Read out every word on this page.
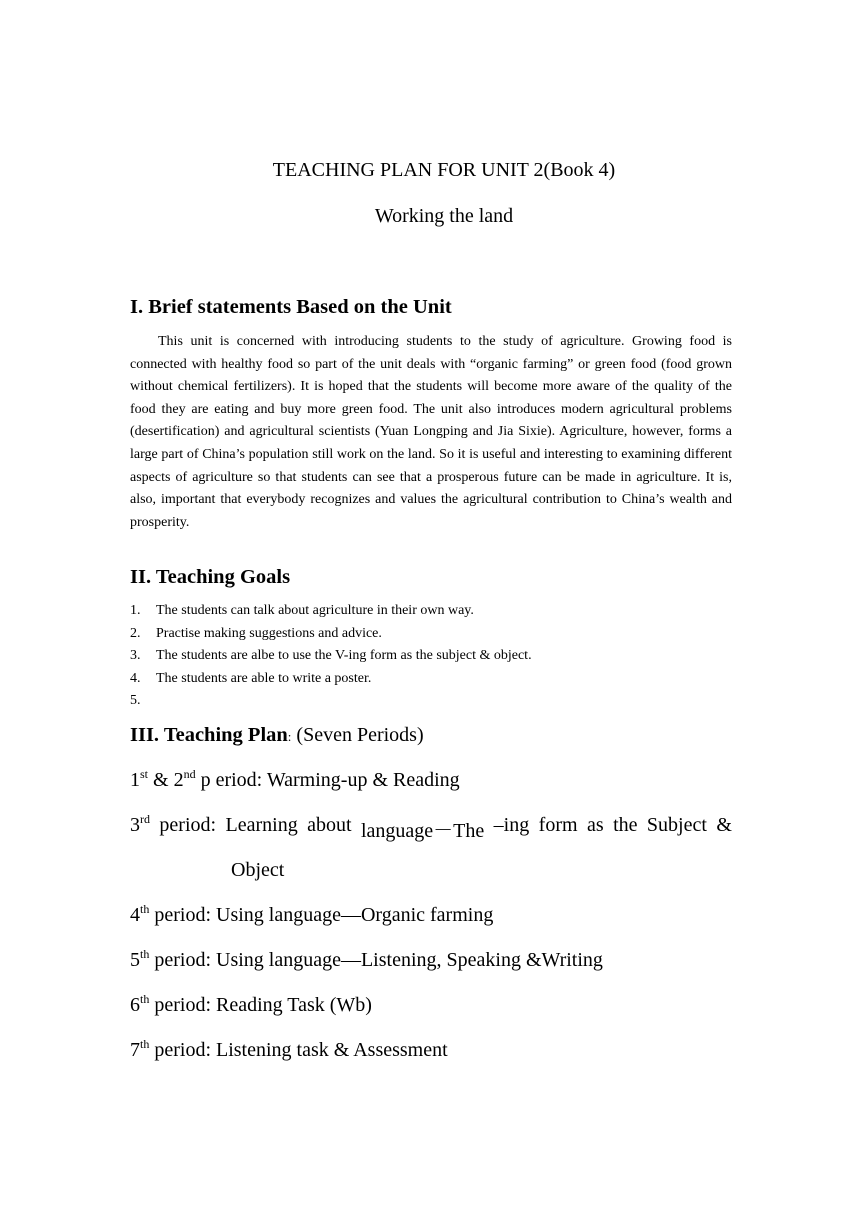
TEACHING PLAN FOR UNIT 2(Book 4)
Working the land
I. Brief statements Based on the Unit

This unit is concerned with introducing students to the study of agriculture. Growing food is connected with healthy food so part of the unit deals with “organic farming” or green food (food grown without chemical fertilizers). It is hoped that the students will become more aware of the quality of the food they are eating and buy more green food. The unit also introduces modern agricultural problems (desertification) and agricultural scientists (Yuan Longping and Jia Sixie). Agriculture, however, forms a large part of China’s population still work on the land. So it is useful and interesting to examining different aspects of agriculture so that students can see that a prosperous future can be made in agriculture. It is, also, important that everybody recognizes and values the agricultural contribution to China’s wealth and prosperity.

II. Teaching Goals
1. The students can talk about agriculture in their own way.
2. Practise making suggestions and advice.
3. The students are albe to use the V-ing form as the subject & object.
4. The students are able to write a poster.
5.
III. Teaching Plan: (Seven Periods)
1st & 2nd p eriod: Warming-up & Reading
3rd period: Learning about language－The –ing form as the Subject &
Object
4th period: Using language—Organic farming
5th period: Using language—Listening, Speaking &Writing
6th period: Reading Task (Wb)
7th period: Listening task & Assessment
